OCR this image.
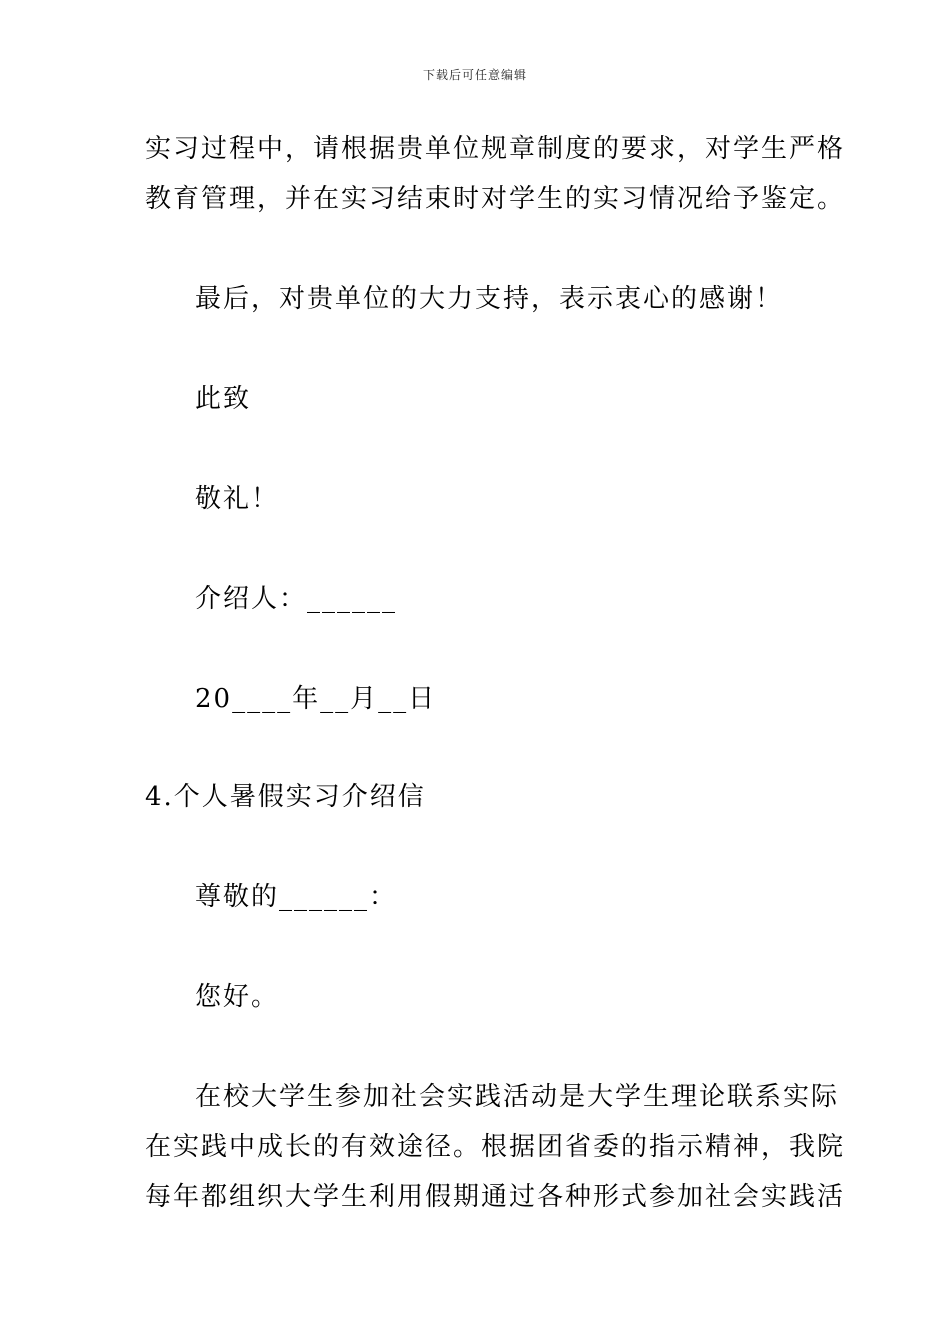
下载后可任意编辑
实习过程中，请根据贵单位规章制度的要求，对学生严格
教育管理，并在实习结束时对学生的实习情况给予鉴定。
最后，对贵单位的大力支持，表示衷心的感谢！
此致
敬礼！
介绍人：______
20____年__月__日
4.个人暑假实习介绍信
尊敬的______：
您好。
在校大学生参加社会实践活动是大学生理论联系实际
在实践中成长的有效途径。根据团省委的指示精神，我院
每年都组织大学生利用假期通过各种形式参加社会实践活
